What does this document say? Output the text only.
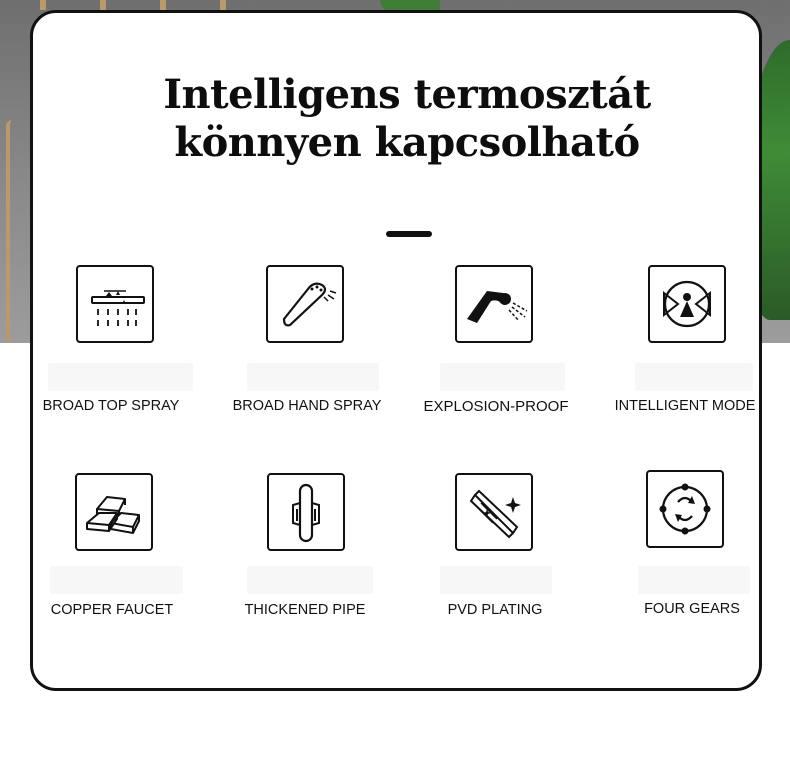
Intelligens termosztát
könnyen kapcsolható
BROAD TOP SPRAY	BROAD HAND SPRAY	EXPLOSION-PROOF	INTELLIGENT MODE
COPPER FAUCET	THICKENED PIPE	PVD PLATING	FOUR GEARS
